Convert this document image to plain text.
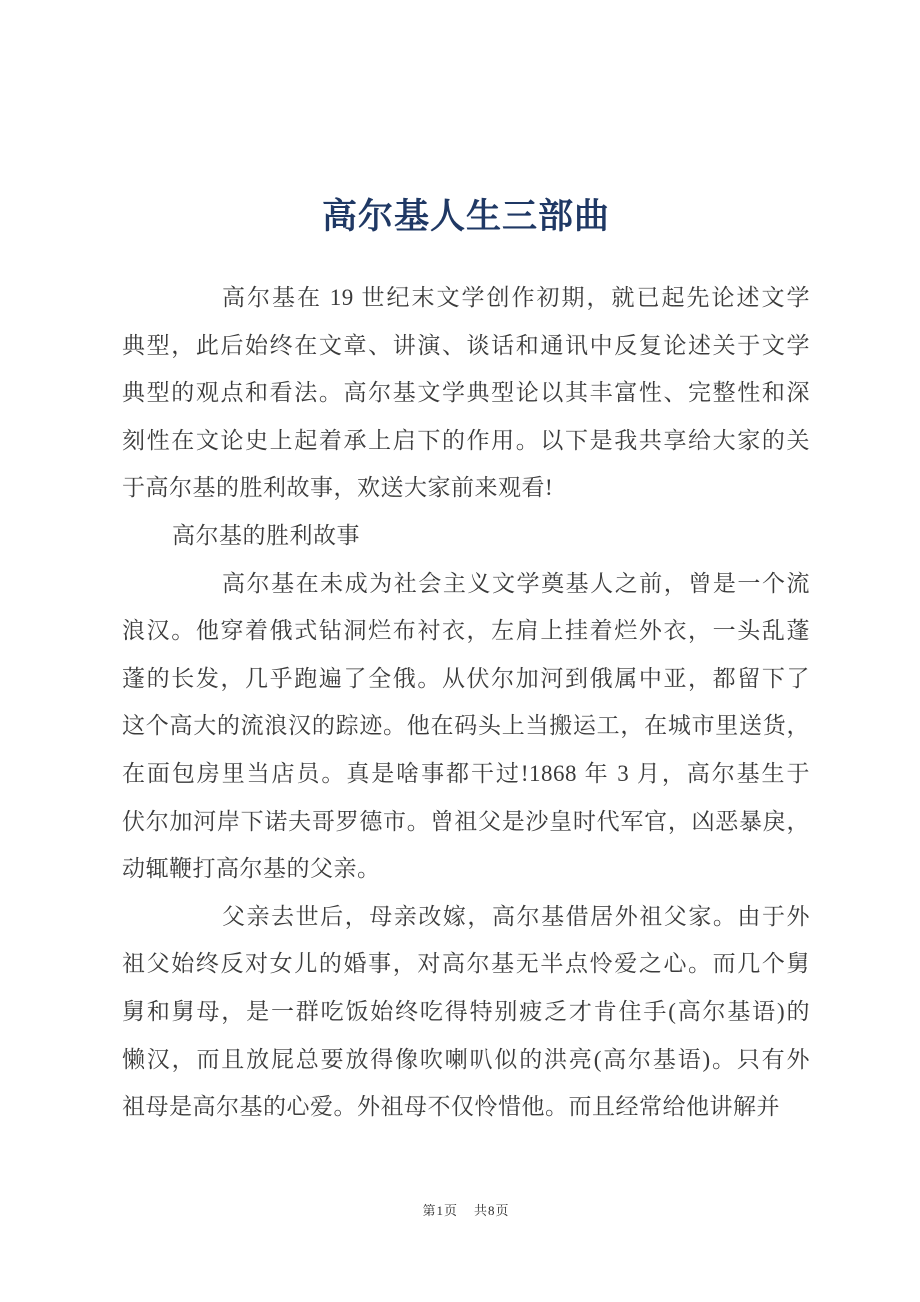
高尔基人生三部曲
高尔基在 19 世纪末文学创作初期，就已起先论述文学
典型，此后始终在文章、讲演、谈话和通讯中反复论述关于文学
典型的观点和看法。高尔基文学典型论以其丰富性、完整性和深
刻性在文论史上起着承上启下的作用。以下是我共享给大家的关
于高尔基的胜利故事，欢送大家前来观看!
高尔基的胜利故事
高尔基在未成为社会主义文学奠基人之前，曾是一个流
浪汉。他穿着俄式钻洞烂布衬衣，左肩上挂着烂外衣，一头乱蓬
蓬的长发，几乎跑遍了全俄。从伏尔加河到俄属中亚，都留下了
这个高大的流浪汉的踪迹。他在码头上当搬运工，在城市里送货，
在面包房里当店员。真是啥事都干过!1868 年 3 月，高尔基生于
伏尔加河岸下诺夫哥罗德市。曾祖父是沙皇时代军官，凶恶暴戾，
动辄鞭打高尔基的父亲。
父亲去世后，母亲改嫁，高尔基借居外祖父家。由于外
祖父始终反对女儿的婚事，对高尔基无半点怜爱之心。而几个舅
舅和舅母，是一群吃饭始终吃得特别疲乏才肯住手(高尔基语)的
懒汉，而且放屁总要放得像吹喇叭似的洪亮(高尔基语)。只有外
祖母是高尔基的心爱。外祖母不仅怜惜他。而且经常给他讲解并
第1页 共8页
